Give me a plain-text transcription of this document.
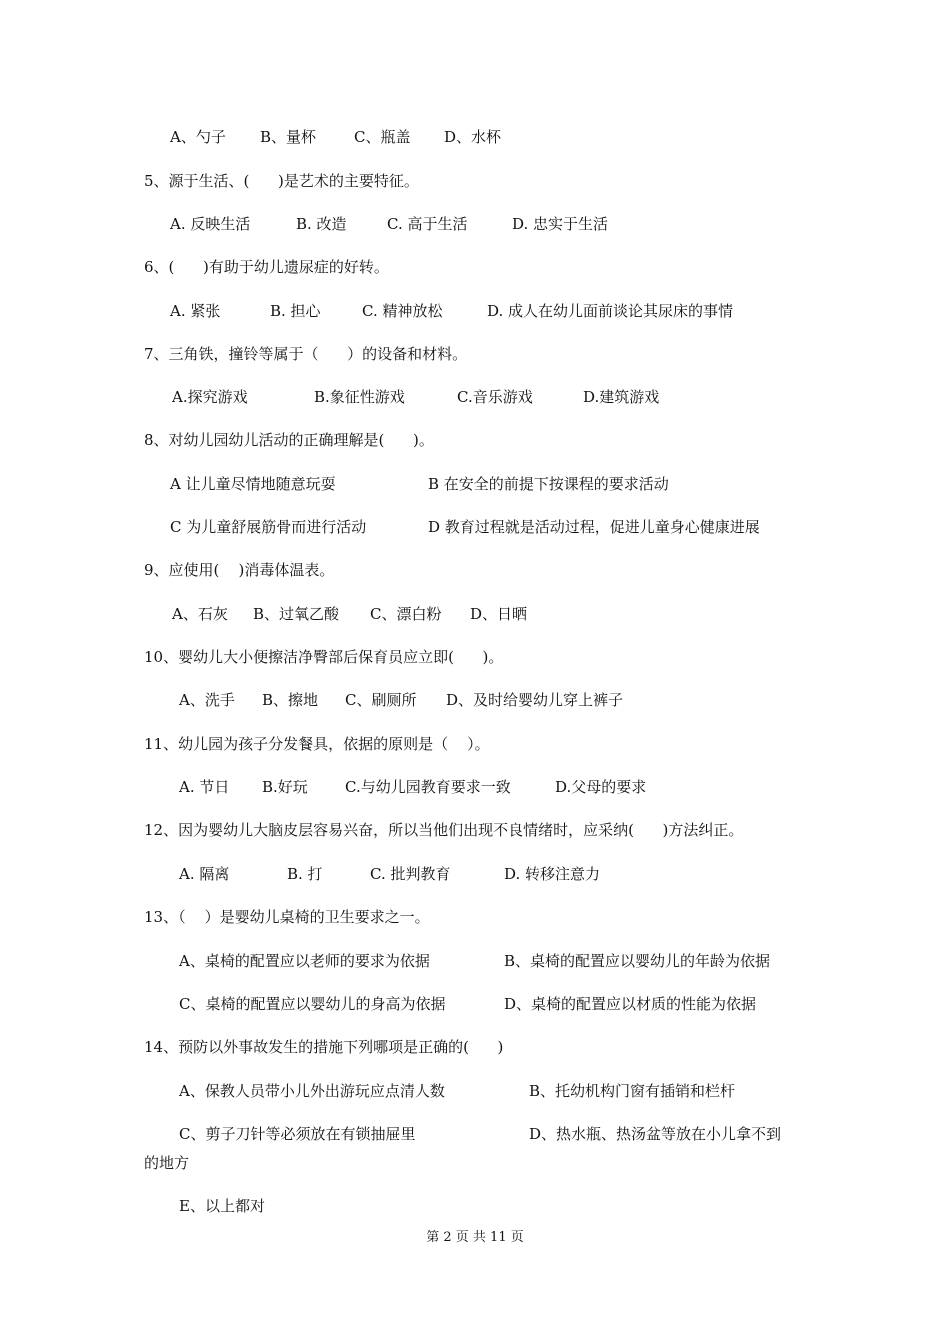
A、勺子 B、量杯	C、瓶盖 D、水杯
5、源于生活、(      )是艺术的主要特征。
A. 反映生活	B. 改造	C. 高于生活	D. 忠实于生活
6、(      )有助于幼儿遗尿症的好转。
A. 紧张	B. 担心	C. 精神放松	D. 成人在幼儿面前谈论其尿床的事情
7、三角铁，撞铃等属于（      ）的设备和材料。
A.探究游戏	B.象征性游戏	C.音乐游戏	D.建筑游戏
8、对幼儿园幼儿活动的正确理解是(      )。
A 让儿童尽情地随意玩耍	B 在安全的前提下按课程的要求活动
C 为儿童舒展筋骨而进行活动	D 教育过程就是活动过程，促进儿童身心健康进展
9、应使用(    )消毒体温表。
A、石灰 B、过氧乙酸 C、漂白粉 D、日晒
10、婴幼儿大小便擦洁净臀部后保育员应立即(      )。
A、洗手 B、擦地 C、刷厕所 D、及时给婴幼儿穿上裤子
11、幼儿园为孩子分发餐具，依据的原则是（    ）。
A. 节日 B.好玩 C.与幼儿园教育要求一致	D.父母的要求
12、因为婴幼儿大脑皮层容易兴奋，所以当他们出现不良情绪时，应采纳(      )方法纠正。
A. 隔离	B. 打	C. 批判教育	D. 转移注意力
13、（    ）是婴幼儿桌椅的卫生要求之一。
A、桌椅的配置应以老师的要求为依据	B、桌椅的配置应以婴幼儿的年龄为依据
C、桌椅的配置应以婴幼儿的身高为依据	D、桌椅的配置应以材质的性能为依据
14、预防以外事故发生的措施下列哪项是正确的(      )
A、保教人员带小儿外出游玩应点清人数	B、托幼机构门窗有插销和栏杆
C、剪子刀针等必须放在有锁抽屉里	D、热水瓶、热汤盆等放在小儿拿不到
的地方
E、以上都对
第 2 页 共 11 页
